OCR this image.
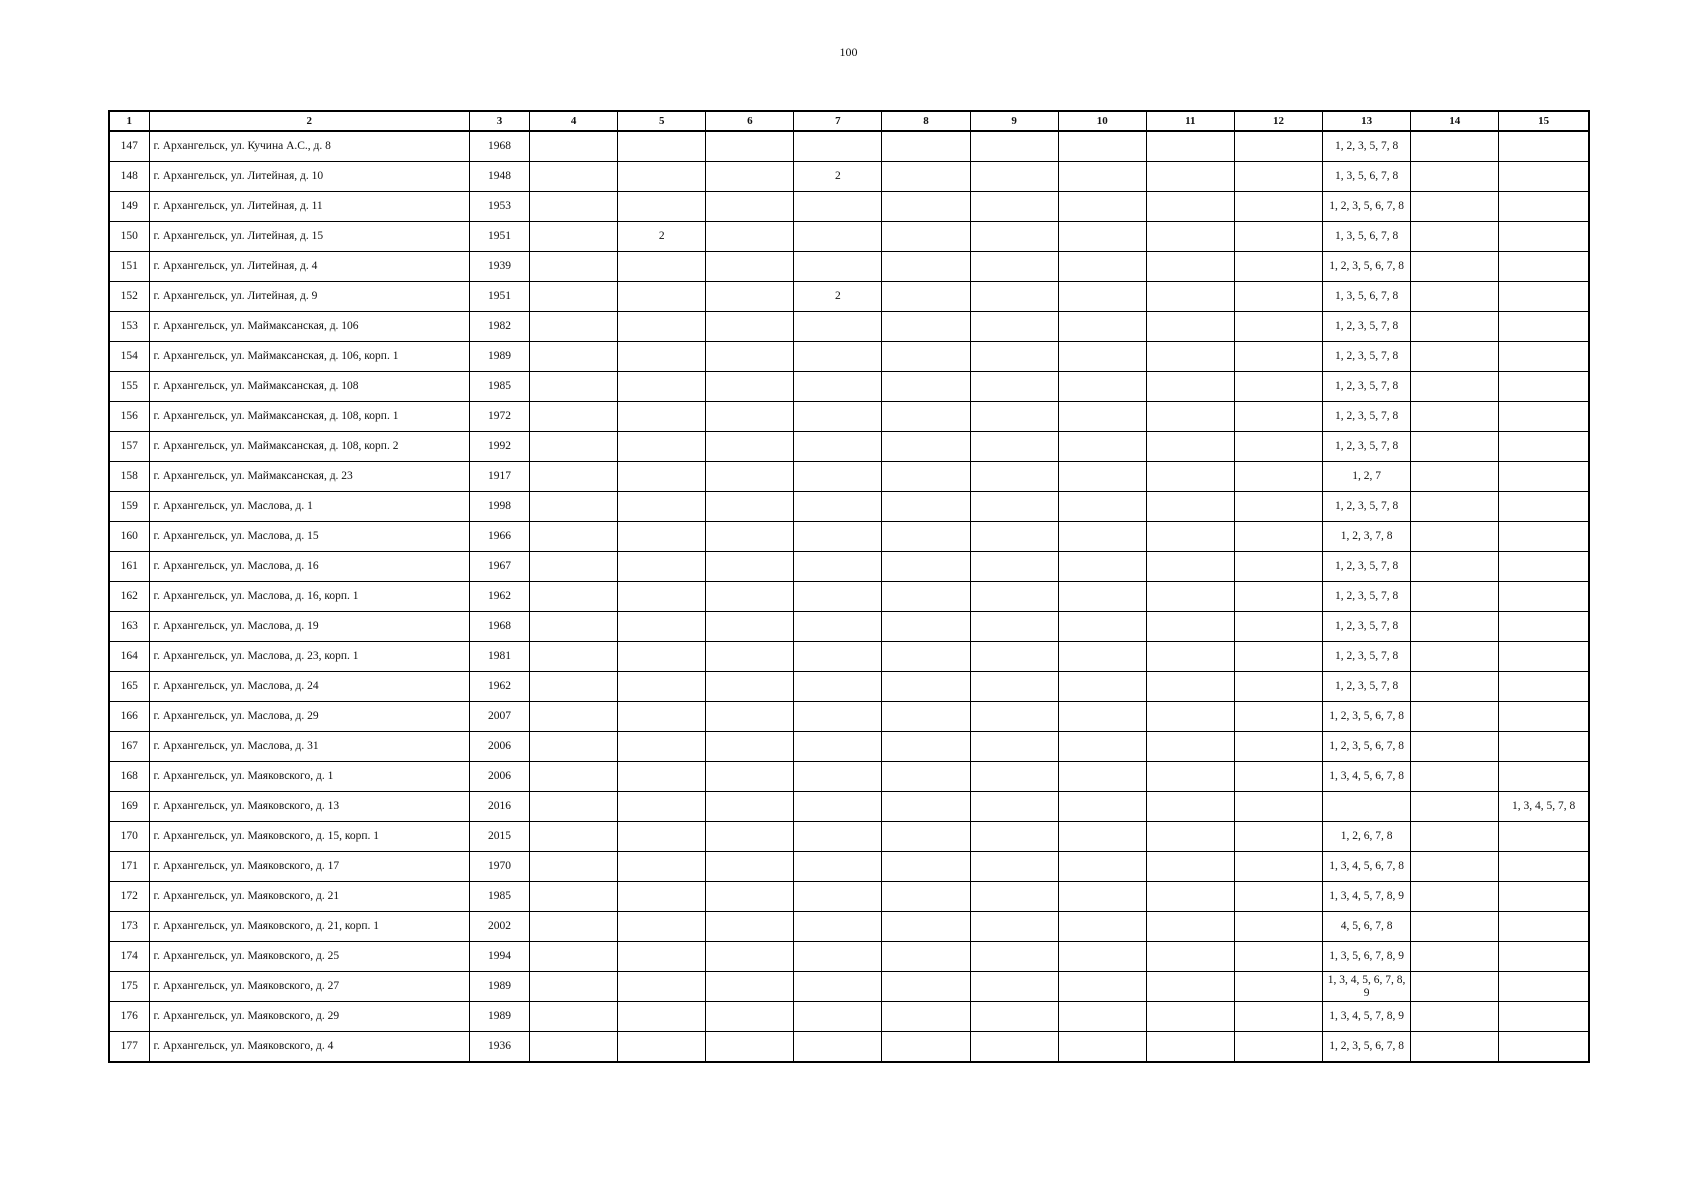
100
1	2	3	4	5	6	7	8	9	10	11	12	13	14	15
147	г. Архангельск, ул. Кучина А.С., д. 8	1968										1, 2, 3, 5, 7, 8		
148	г. Архангельск, ул. Литейная, д. 10	1948				2						1, 3, 5, 6, 7, 8		
149	г. Архангельск, ул. Литейная, д. 11	1953										1, 2, 3, 5, 6, 7, 8		
150	г. Архангельск, ул. Литейная, д. 15	1951		2								1, 3, 5, 6, 7, 8		
151	г. Архангельск, ул. Литейная, д. 4	1939										1, 2, 3, 5, 6, 7, 8		
152	г. Архангельск, ул. Литейная, д. 9	1951				2						1, 3, 5, 6, 7, 8		
153	г. Архангельск, ул. Маймаксанская, д. 106	1982										1, 2, 3, 5, 7, 8		
154	г. Архангельск, ул. Маймаксанская, д. 106, корп. 1	1989										1, 2, 3, 5, 7, 8		
155	г. Архангельск, ул. Маймаксанская, д. 108	1985										1, 2, 3, 5, 7, 8		
156	г. Архангельск, ул. Маймаксанская, д. 108, корп. 1	1972										1, 2, 3, 5, 7, 8		
157	г. Архангельск, ул. Маймаксанская, д. 108, корп. 2	1992										1, 2, 3, 5, 7, 8		
158	г. Архангельск, ул. Маймаксанская, д. 23	1917										1, 2, 7		
159	г. Архангельск, ул. Маслова, д. 1	1998										1, 2, 3, 5, 7, 8		
160	г. Архангельск, ул. Маслова, д. 15	1966										1, 2, 3, 7, 8		
161	г. Архангельск, ул. Маслова, д. 16	1967										1, 2, 3, 5, 7, 8		
162	г. Архангельск, ул. Маслова, д. 16, корп. 1	1962										1, 2, 3, 5, 7, 8		
163	г. Архангельск, ул. Маслова, д. 19	1968										1, 2, 3, 5, 7, 8		
164	г. Архангельск, ул. Маслова, д. 23, корп. 1	1981										1, 2, 3, 5, 7, 8		
165	г. Архангельск, ул. Маслова, д. 24	1962										1, 2, 3, 5, 7, 8		
166	г. Архангельск, ул. Маслова, д. 29	2007										1, 2, 3, 5, 6, 7, 8		
167	г. Архангельск, ул. Маслова, д. 31	2006										1, 2, 3, 5, 6, 7, 8		
168	г. Архангельск, ул. Маяковского, д. 1	2006										1, 3, 4, 5, 6, 7, 8		
169	г. Архангельск, ул. Маяковского, д. 13	2016												1, 3, 4, 5, 7, 8
170	г. Архангельск, ул. Маяковского, д. 15, корп. 1	2015										1, 2, 6, 7, 8		
171	г. Архангельск, ул. Маяковского, д. 17	1970										1, 3, 4, 5, 6, 7, 8		
172	г. Архангельск, ул. Маяковского, д. 21	1985										1, 3, 4, 5, 7, 8, 9		
173	г. Архангельск, ул. Маяковского, д. 21, корп. 1	2002										4, 5, 6, 7, 8		
174	г. Архангельск, ул. Маяковского, д. 25	1994										1, 3, 5, 6, 7, 8, 9		
175	г. Архангельск, ул. Маяковского, д. 27	1989										1, 3, 4, 5, 6, 7, 8, 9		
176	г. Архангельск, ул. Маяковского, д. 29	1989										1, 3, 4, 5, 7, 8, 9		
177	г. Архангельск, ул. Маяковского, д. 4	1936										1, 2, 3, 5, 6, 7, 8		
